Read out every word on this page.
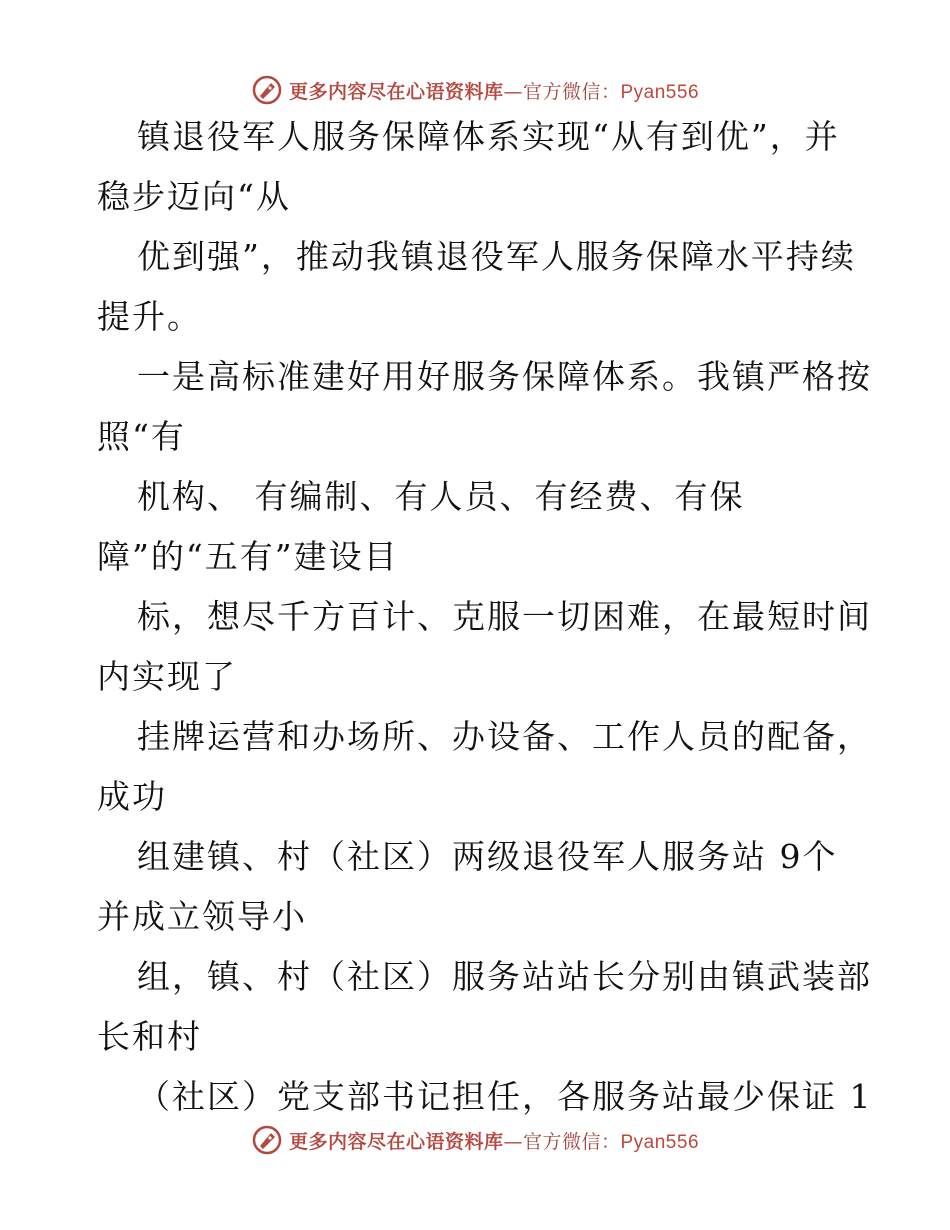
更多内容尽在心语资料库—官方微信：Pyan556
镇退役军人服务保障体系实现“从有到优”，并
稳步迈向“从
优到强”，推动我镇退役军人服务保障水平持续
提升。
一是高标准建好用好服务保障体系。我镇严格按
照“有
机构、 有编制、有人员、有经费、有保
障”的“五有”建设目
标，想尽千方百计、克服一切困难，在最短时间
内实现了
挂牌运营和办场所、办设备、工作人员的配备，
成功
组建镇、村（社区）两级退役军人服务站 9个
并成立领导小
组，镇、村（社区）服务站站长分别由镇武装部
长和村
（社区）党支部书记担任，各服务站最少保证 1
更多内容尽在心语资料库—官方微信：Pyan556
